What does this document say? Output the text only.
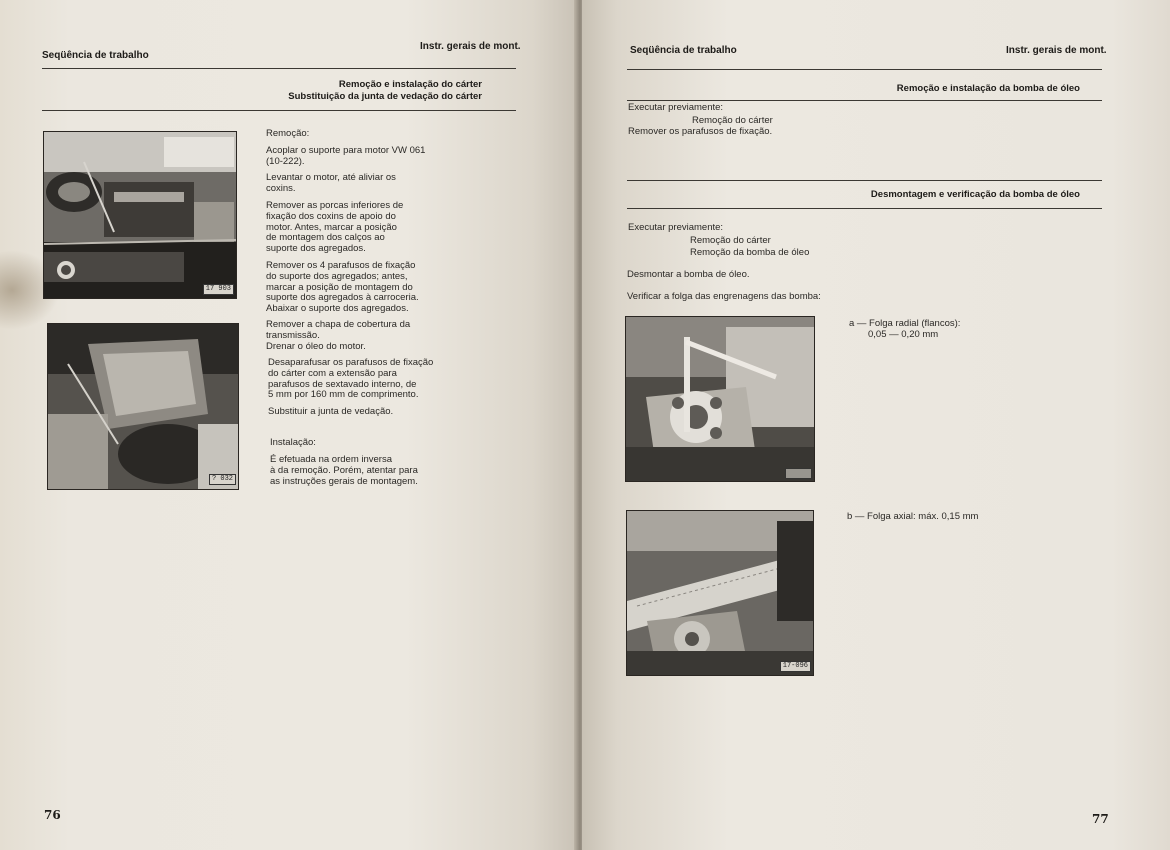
Seqüência de trabalho
Instr. gerais de mont.
Remoção e instalação do cárter
Substituição da junta de vedação do cárter
17 903
? 032
Remoção:
Acoplar o suporte para motor VW 061
(10-222).
Levantar o motor, até aliviar os
coxins.
Remover as porcas inferiores de
fixação dos coxins de apoio do
motor. Antes, marcar a posição
de montagem dos calços ao
suporte dos agregados.
Remover os 4 parafusos de fixação
do suporte dos agregados; antes,
marcar a posição de montagem do
suporte dos agregados à carroceria.
Abaixar o suporte dos agregados.
Remover a chapa de cobertura da
transmissão.
Drenar o óleo do motor.
Desaparafusar os parafusos de fixação
do cárter com a extensão para
parafusos de sextavado interno, de
5 mm por 160 mm de comprimento.
Substituir a junta de vedação.
Instalação:
É efetuada na ordem inversa
à da remoção. Porém, atentar para
as instruções gerais de montagem.
76
Seqüência de trabalho	Instr. gerais de mont.
Remoção e instalação da bomba de óleo
Executar previamente:
Remoção do cárter
Remover os parafusos de fixação.
Desmontagem e verificação da bomba de óleo
Executar previamente:
Remoção do cárter
Remoção da bomba de óleo
Desmontar a bomba de óleo.
Verificar a folga das engrenagens das bomba:

17-096
a — Folga radial (flancos):
0,05 — 0,20 mm
b — Folga axial: máx. 0,15 mm
77
